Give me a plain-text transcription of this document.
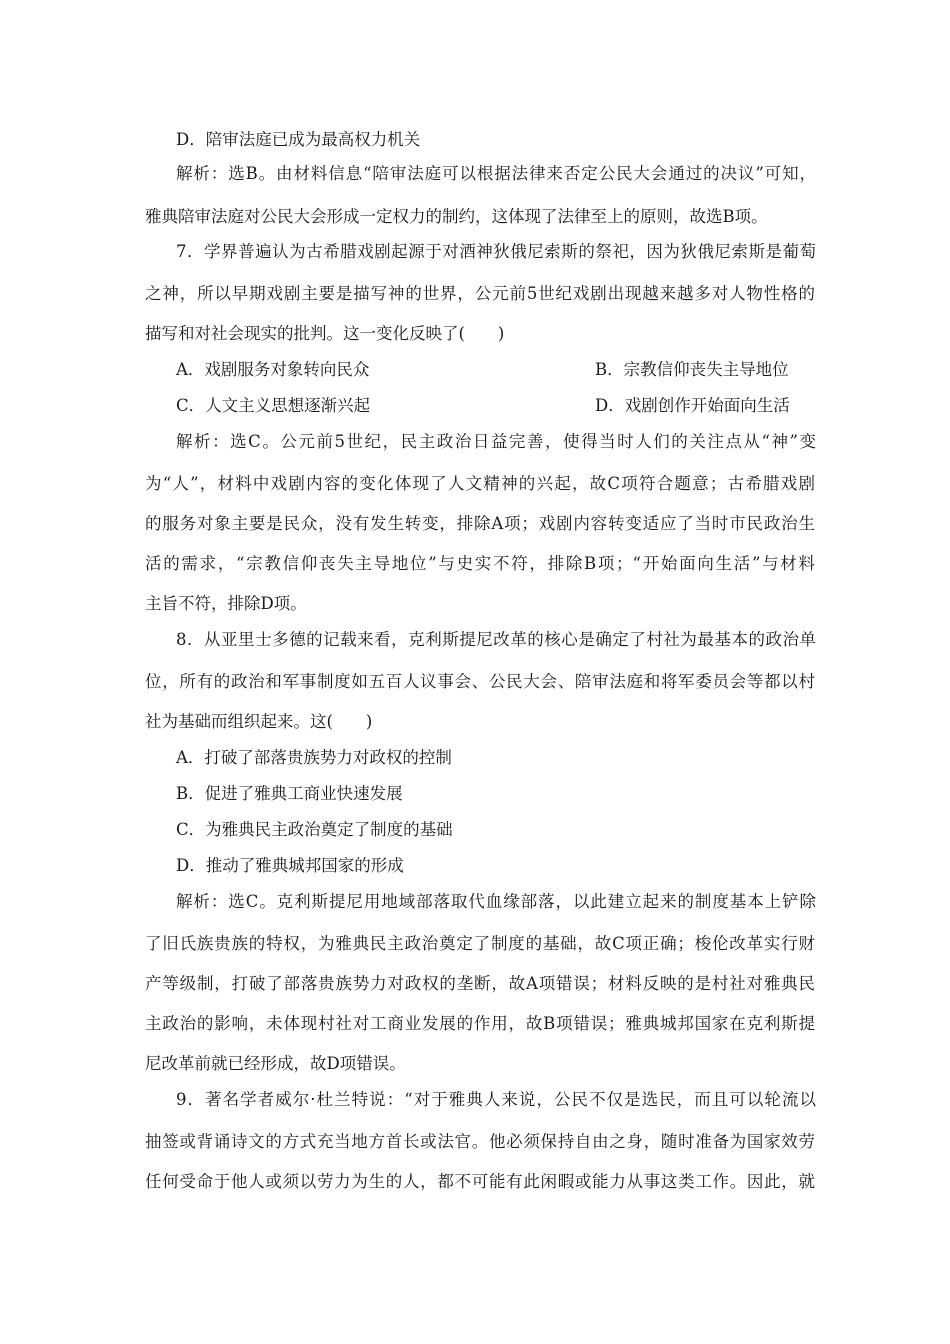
D．陪审法庭已成为最高权力机关
解析：选B。由材料信息“陪审法庭可以根据法律来否定公民大会通过的决议”可知，
雅典陪审法庭对公民大会形成一定权力的制约，这体现了法律至上的原则，故选B项。
7．学界普遍认为古希腊戏剧起源于对酒神狄俄尼索斯的祭祀，因为狄俄尼索斯是葡萄
之神，所以早期戏剧主要是描写神的世界，公元前5世纪戏剧出现越来越多对人物性格的
描写和对社会现实的批判。这一变化反映了(　　)
A．戏剧服务对象转向民众	B．宗教信仰丧失主导地位
C．人文主义思想逐渐兴起	D．戏剧创作开始面向生活
解析：选C。公元前5世纪，民主政治日益完善，使得当时人们的关注点从“神”变
为“人”，材料中戏剧内容的变化体现了人文精神的兴起，故C项符合题意；古希腊戏剧
的服务对象主要是民众，没有发生转变，排除A项；戏剧内容转变适应了当时市民政治生
活的需求，“宗教信仰丧失主导地位”与史实不符，排除B项；“开始面向生活”与材料
主旨不符，排除D项。
8．从亚里士多德的记载来看，克利斯提尼改革的核心是确定了村社为最基本的政治单
位，所有的政治和军事制度如五百人议事会、公民大会、陪审法庭和将军委员会等都以村
社为基础而组织起来。这(　　)
A．打破了部落贵族势力对政权的控制
B．促进了雅典工商业快速发展
C．为雅典民主政治奠定了制度的基础
D．推动了雅典城邦国家的形成
解析：选C。克利斯提尼用地域部落取代血缘部落，以此建立起来的制度基本上铲除
了旧氏族贵族的特权，为雅典民主政治奠定了制度的基础，故C项正确；梭伦改革实行财
产等级制，打破了部落贵族势力对政权的垄断，故A项错误；材料反映的是村社对雅典民
主政治的影响，未体现村社对工商业发展的作用，故B项错误；雅典城邦国家在克利斯提
尼改革前就已经形成，故D项错误。
9．著名学者威尔·杜兰特说：“对于雅典人来说，公民不仅是选民，而且可以轮流以
抽签或背诵诗文的方式充当地方首长或法官。他必须保持自由之身，随时准备为国家效劳
任何受命于他人或须以劳力为生的人，都不可能有此闲暇或能力从事这类工作。因此，就
